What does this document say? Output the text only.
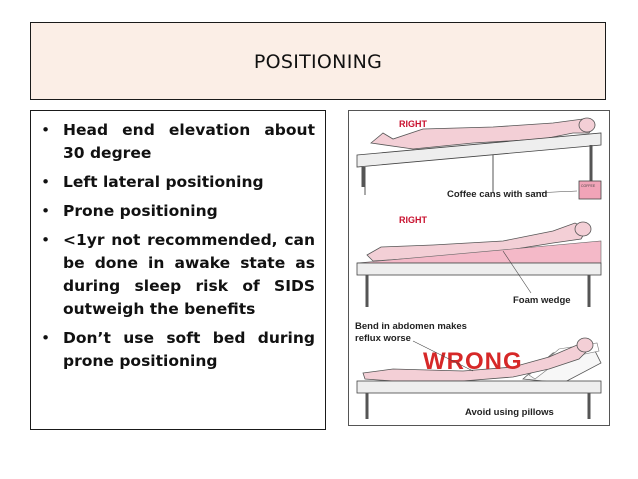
POSITIONING
• Head end elevation about 30 degree
• Left lateral positioning
• Prone positioning
• <1yr not recommended, can be done in awake state as during sleep risk of SIDS outweigh the benefits
• Don’t use soft bed during prone positioning
RIGHT
COFFEE
Coffee cans with sand
RIGHT
Foam wedge
Bend in abdomen makes
reflux worse
WRONG
Avoid using pillows
